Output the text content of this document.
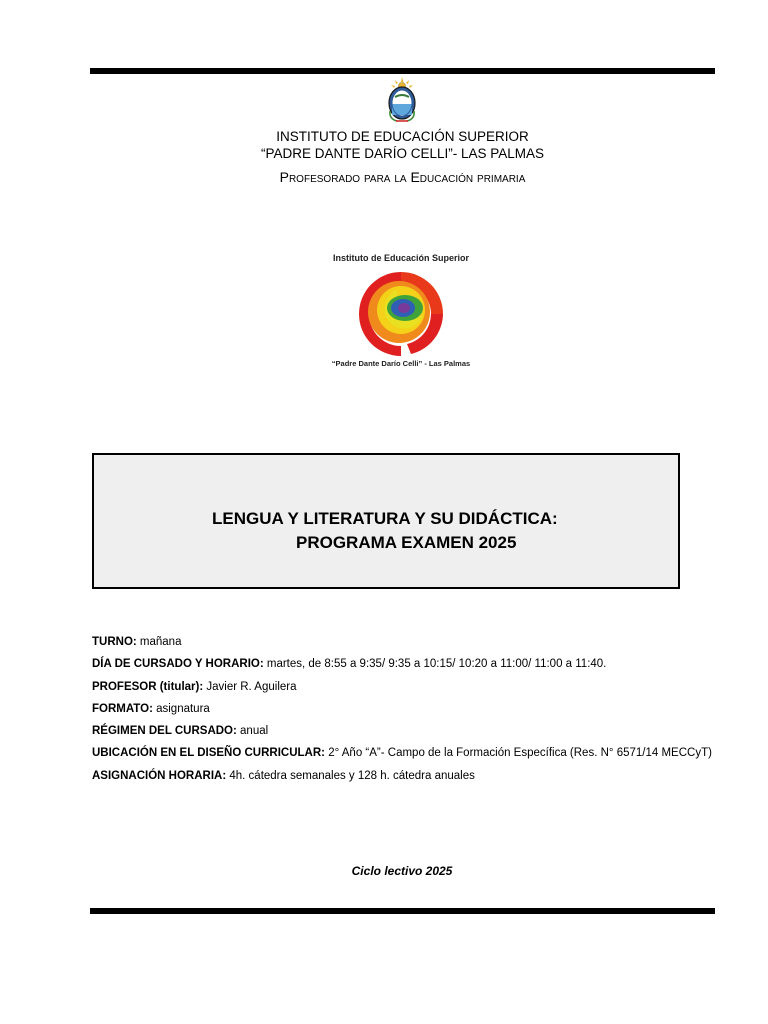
INSTITUTO DE EDUCACIÓN SUPERIOR
“PADRE DANTE DARÍO CELLI”- LAS PALMAS
Profesorado para la Educación primaria
Instituto de Educación Superior
“Padre Dante Darío Celli” - Las Palmas
LENGUA Y LITERATURA Y SU DIDÁCTICA:
PROGRAMA EXAMEN 2025
TURNO: mañana
DÍA DE CURSADO Y HORARIO: martes, de 8:55 a 9:35/ 9:35 a 10:15/ 10:20 a 11:00/ 11:00 a 11:40.
PROFESOR (titular): Javier R. Aguilera
FORMATO: asignatura
RÉGIMEN DEL CURSADO: anual
UBICACIÓN EN EL DISEÑO CURRICULAR: 2° Año “A”- Campo de la Formación Específica (Res. N° 6571/14 MECCyT)
ASIGNACIÓN HORARIA: 4h. cátedra semanales y 128 h. cátedra anuales
Ciclo lectivo 2025
